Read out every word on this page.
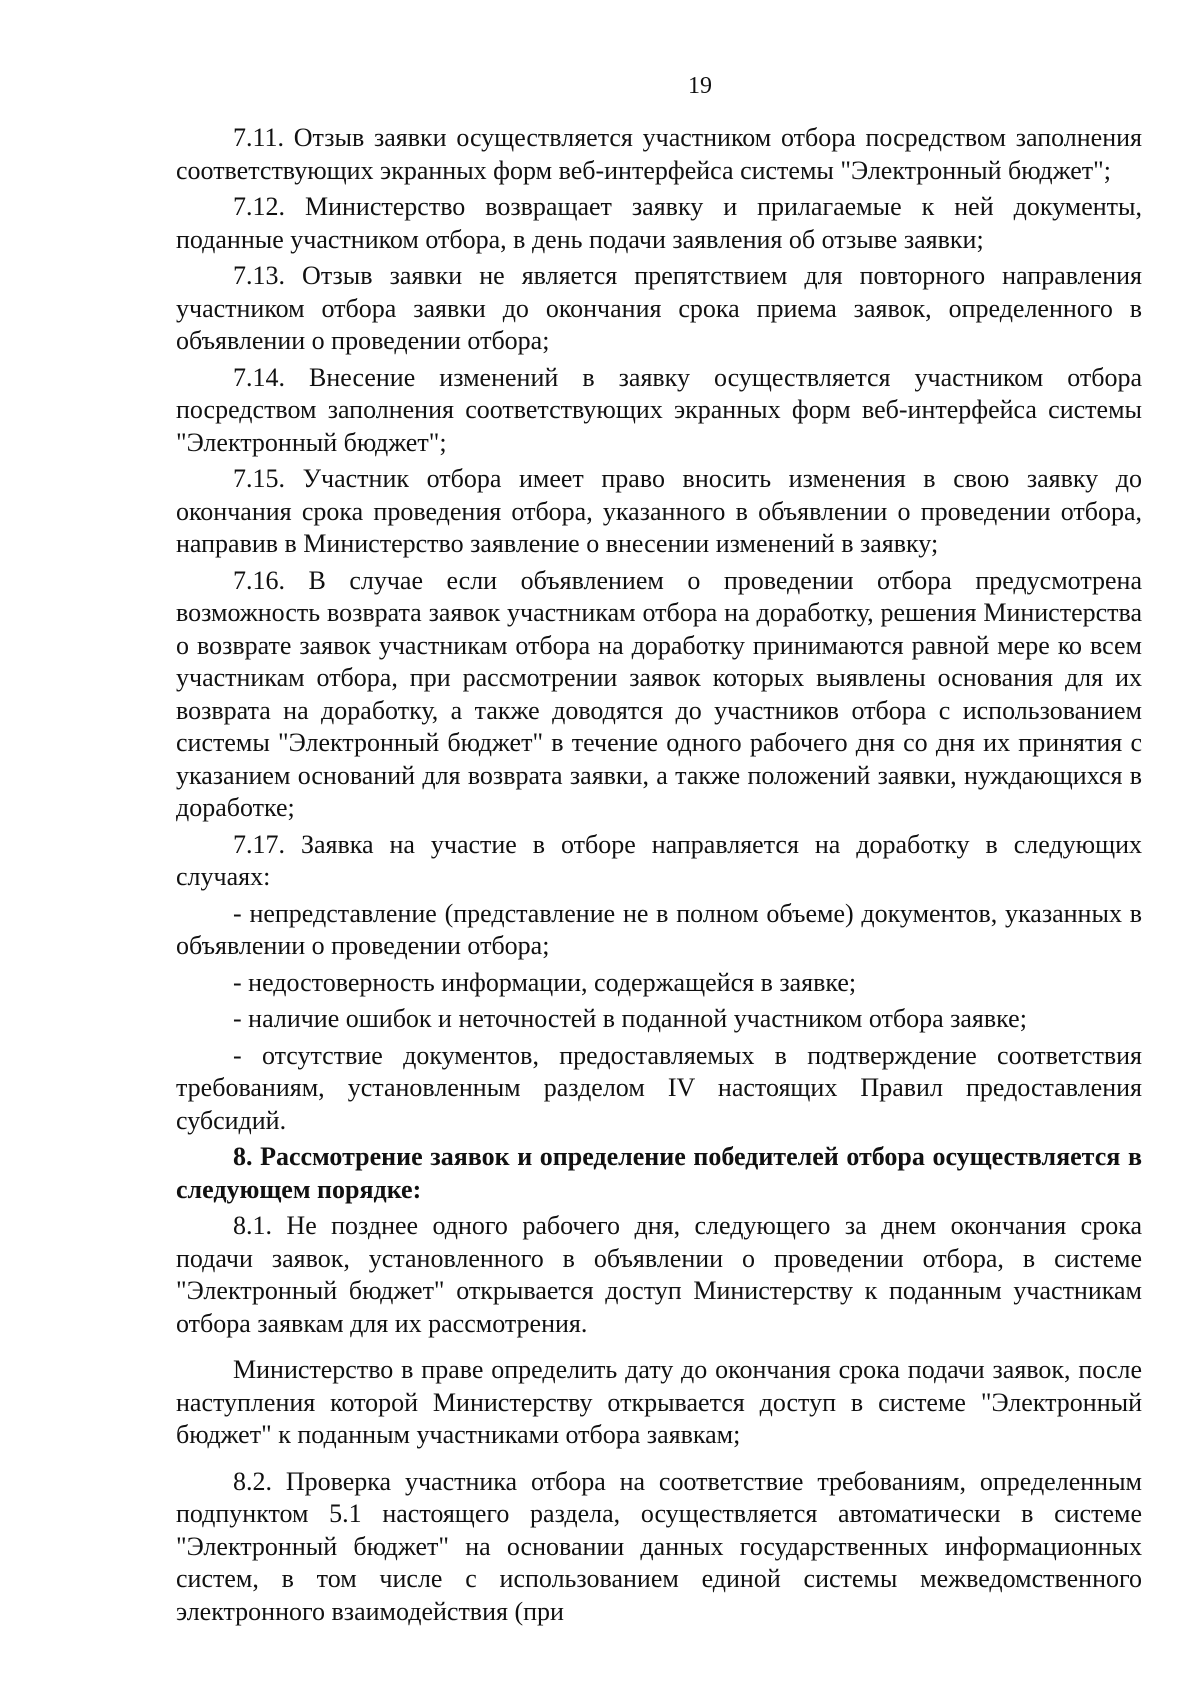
19

7.11. Отзыв заявки осуществляется участником отбора посредством заполнения соответствующих экранных форм веб-интерфейса системы "Электронный бюджет";

7.12. Министерство возвращает заявку и прилагаемые к ней документы, поданные участником отбора, в день подачи заявления об отзыве заявки;

7.13. Отзыв заявки не является препятствием для повторного направления участником отбора заявки до окончания срока приема заявок, определенного в объявлении о проведении отбора;

7.14. Внесение изменений в заявку осуществляется участником отбора посредством заполнения соответствующих экранных форм веб-интерфейса системы "Электронный бюджет";

7.15. Участник отбора имеет право вносить изменения в свою заявку до окончания срока проведения отбора, указанного в объявлении о проведении отбора, направив в Министерство заявление о внесении изменений в заявку;

7.16. В случае если объявлением о проведении отбора предусмотрена возможность возврата заявок участникам отбора на доработку, решения Министерства о возврате заявок участникам отбора на доработку принимаются равной мере ко всем участникам отбора, при рассмотрении заявок которых выявлены основания для их возврата на доработку, а также доводятся до участников отбора с использованием системы "Электронный бюджет" в течение одного рабочего дня со дня их принятия с указанием оснований для возврата заявки, а также положений заявки, нуждающихся в доработке;

7.17. Заявка на участие в отборе направляется на доработку в следующих случаях:

- непредставление (представление не в полном объеме) документов, указанных в объявлении о проведении отбора;

- недостоверность информации, содержащейся в заявке;

- наличие ошибок и неточностей в поданной участником отбора заявке;

- отсутствие документов, предоставляемых в подтверждение соответствия требованиям, установленным разделом IV настоящих Правил предоставления субсидий.

8. Рассмотрение заявок и определение победителей отбора осуществляется в следующем порядке:

8.1. Не позднее одного рабочего дня, следующего за днем окончания срока подачи заявок, установленного в объявлении о проведении отбора, в системе "Электронный бюджет" открывается доступ Министерству к поданным участникам отбора заявкам для их рассмотрения.

Министерство в праве определить дату до окончания срока подачи заявок, после наступления которой Министерству открывается доступ в системе "Электронный бюджет" к поданным участниками отбора заявкам;

8.2. Проверка участника отбора на соответствие требованиям, определенным подпунктом 5.1 настоящего раздела, осуществляется автоматически в системе "Электронный бюджет" на основании данных государственных информационных систем, в том числе с использованием единой системы межведомственного электронного взаимодействия (при
